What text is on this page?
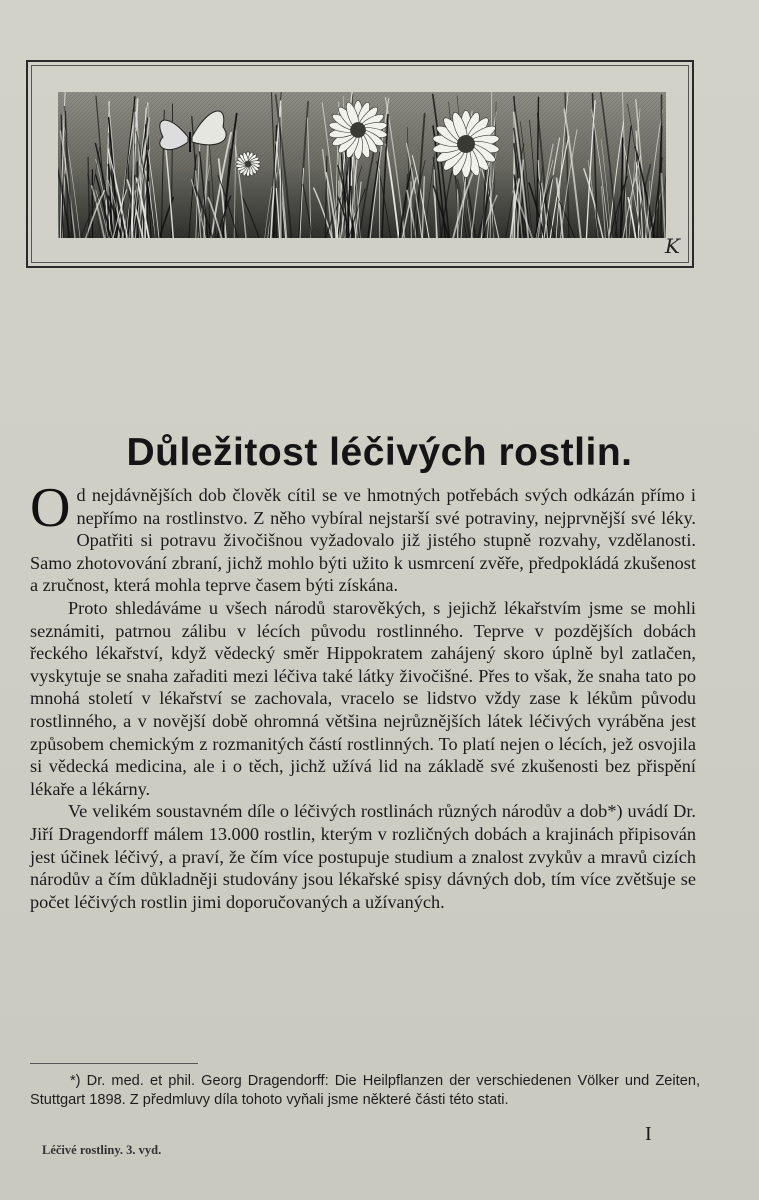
K
Důležitost léčivých rostlin.

Od nejdávnějších dob člověk cítil se ve hmotných potřebách svých odkázán přímo i nepřímo na rostlinstvo. Z něho vybíral nejstarší své potraviny, nejprvnější své léky. Opatřiti si potravu živočišnou vyžadovalo již jistého stupně rozvahy, vzdělanosti. Samo zhotovování zbraní, jichž mohlo býti užito k usmrcení zvěře, předpokládá zkušenost a zručnost, která mohla teprve časem býti získána.

Proto shledáváme u všech národů starověkých, s jejichž lékařstvím jsme se mohli seznámiti, patrnou zálibu v lécích původu rostlinného. Teprve v pozdějších dobách řeckého lékařství, když vědecký směr Hippokratem zahájený skoro úplně byl zatlačen, vyskytuje se snaha zařaditi mezi léčiva také látky živočišné. Přes to však, že snaha tato po mnohá století v lékařství se zachovala, vracelo se lidstvo vždy zase k lékům původu rostlinného, a v novější době ohromná většina nejrůznějších látek léčivých vyráběna jest způsobem chemickým z rozmanitých částí rostlinných. To platí nejen o lécích, jež osvojila si vědecká medicina, ale i o těch, jichž užívá lid na základě své zkušenosti bez přispění lékaře a lékárny.

Ve velikém soustavném díle o léčivých rostlinách různých národův a dob*) uvádí Dr. Jiří Dragendorff málem 13.000 rostlin, kterým v rozličných dobách a krajinách připisován jest účinek léčivý, a praví, že čím více postupuje studium a znalost zvykův a mravů cizích národův a čím důkladněji studovány jsou lékařské spisy dávných dob, tím více zvětšuje se počet léčivých rostlin jimi doporučovaných a užívaných.

*) Dr. med. et phil. Georg Dragendorff: Die Heilpflanzen der verschiedenen Völker und Zeiten, Stuttgart 1898. Z předmluvy díla tohoto vyňali jsme některé části této stati.
Léčivé rostliny. 3. vyd.
I
